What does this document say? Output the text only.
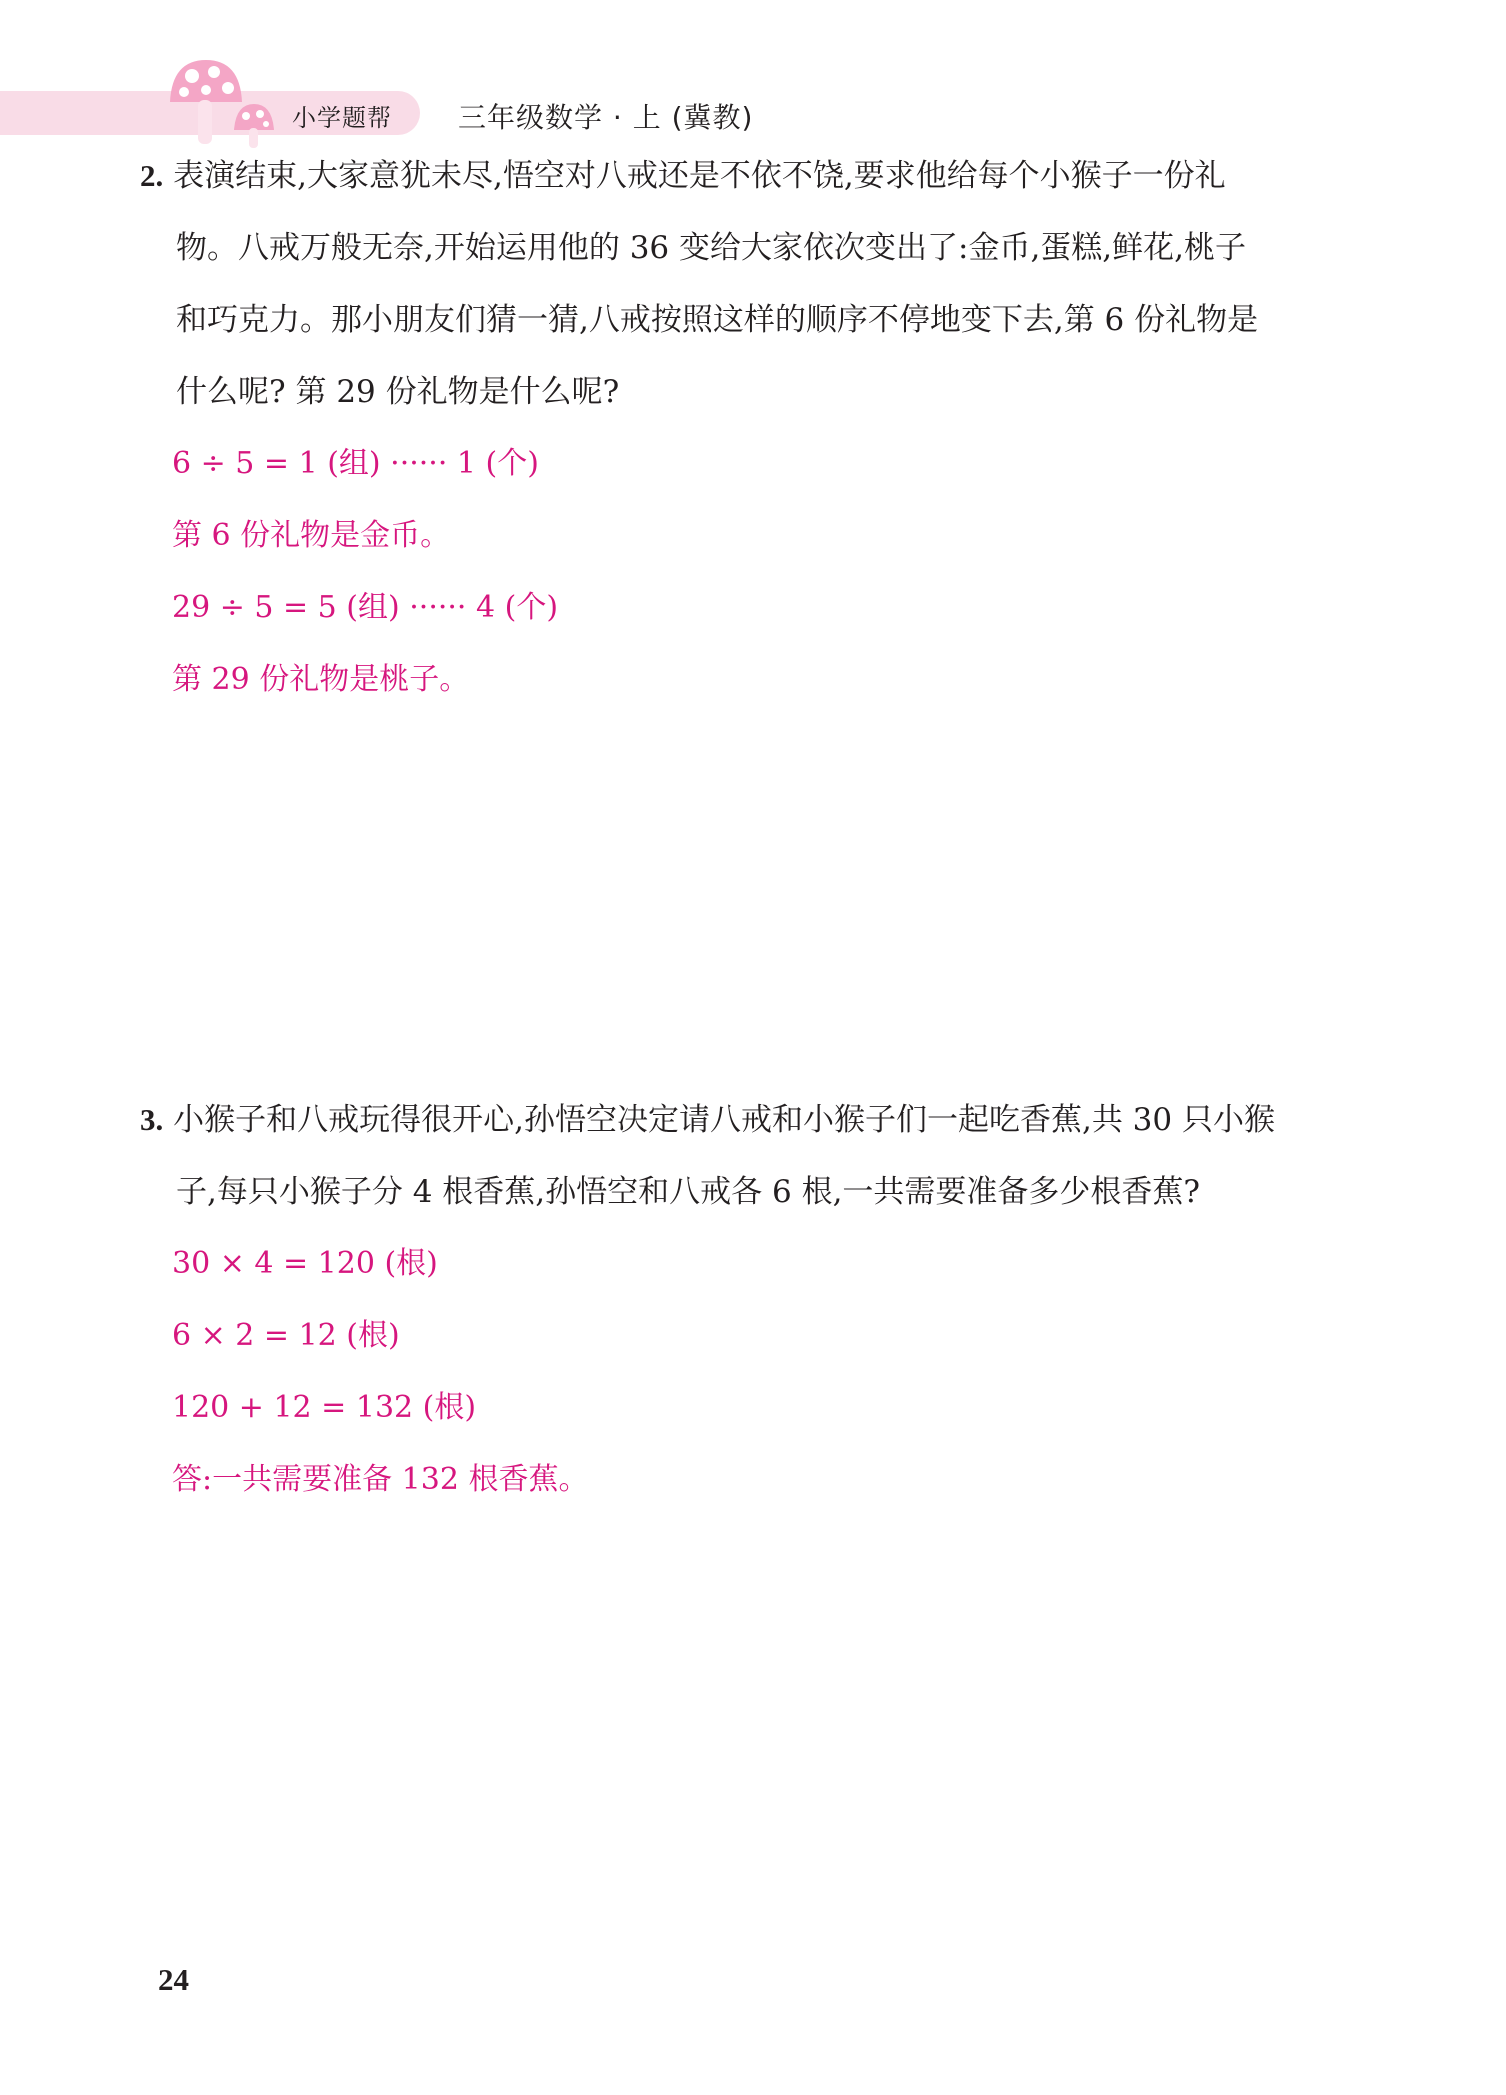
小学题帮 三年级数学 · 上 (冀教)
2. 表演结束,大家意犹未尽,悟空对八戒还是不依不饶,要求他给每个小猴子一份礼
物。八戒万般无奈,开始运用他的 36 变给大家依次变出了:金币,蛋糕,鲜花,桃子
和巧克力。那小朋友们猜一猜,八戒按照这样的顺序不停地变下去,第 6 份礼物是
什么呢? 第 29 份礼物是什么呢?
6 ÷ 5 = 1 (组) ······ 1 (个)
第 6 份礼物是金币。
29 ÷ 5 = 5 (组) ······ 4 (个)
第 29 份礼物是桃子。
3. 小猴子和八戒玩得很开心,孙悟空决定请八戒和小猴子们一起吃香蕉,共 30 只小猴
子,每只小猴子分 4 根香蕉,孙悟空和八戒各 6 根,一共需要准备多少根香蕉?
30 × 4 = 120 (根)
6 × 2 = 12 (根)
120 + 12 = 132 (根)
答:一共需要准备 132 根香蕉。
24
